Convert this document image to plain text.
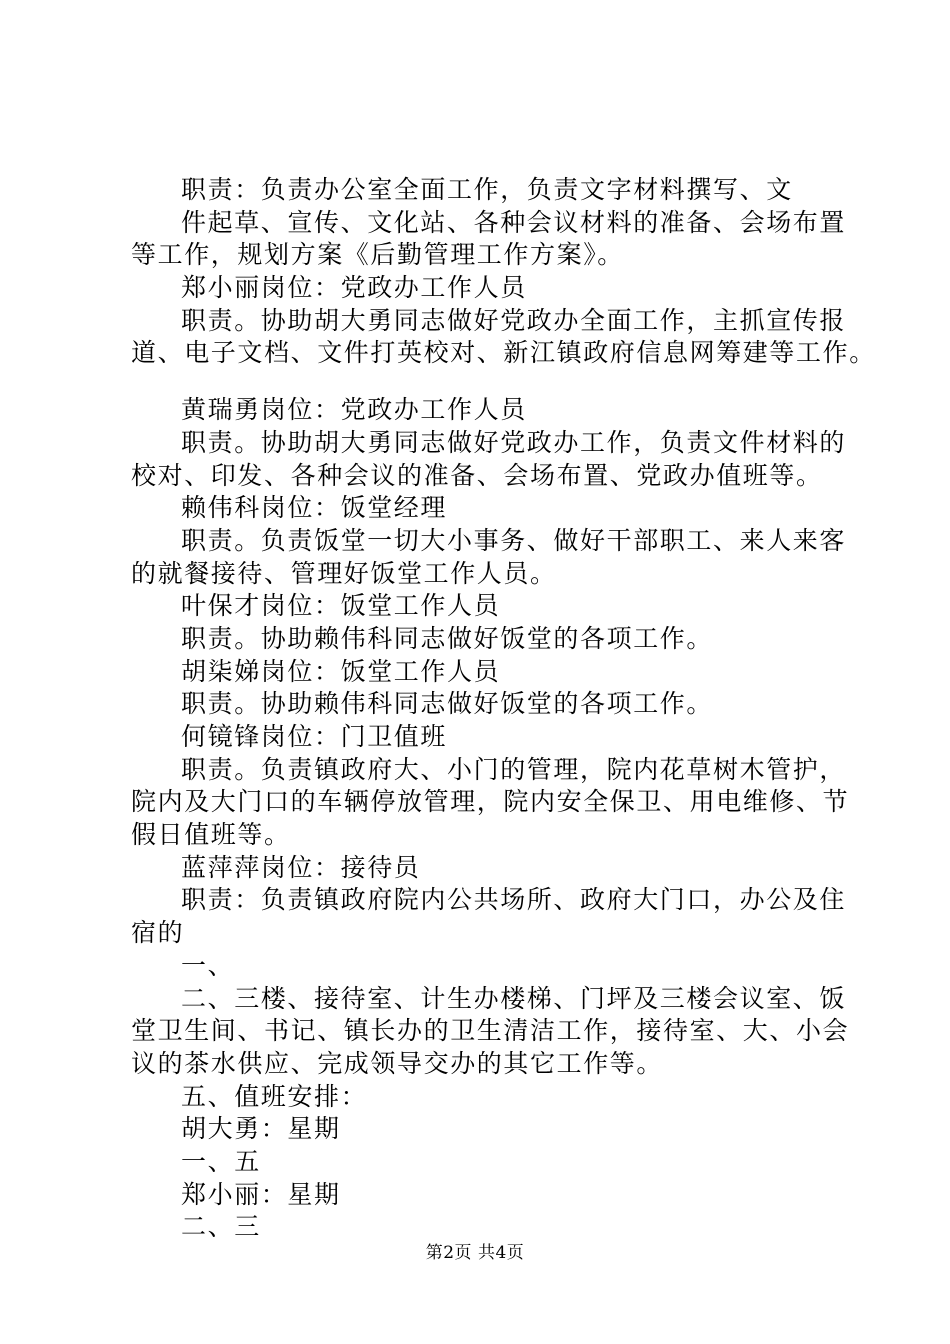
职责：负责办公室全面工作，负责文字材料撰写、文
件起草、宣传、文化站、各种会议材料的准备、会场布置
等工作，规划方案《后勤管理工作方案》。
郑小丽岗位：党政办工作人员
职责。协助胡大勇同志做好党政办全面工作，主抓宣传报
道、电子文档、文件打英校对、新江镇政府信息网筹建等工作。
黄瑞勇岗位：党政办工作人员
职责。协助胡大勇同志做好党政办工作，负责文件材料的
校对、印发、各种会议的准备、会场布置、党政办值班等。
赖伟科岗位：饭堂经理
职责。负责饭堂一切大小事务、做好干部职工、来人来客
的就餐接待、管理好饭堂工作人员。
叶保才岗位：饭堂工作人员
职责。协助赖伟科同志做好饭堂的各项工作。
胡柒娣岗位：饭堂工作人员
职责。协助赖伟科同志做好饭堂的各项工作。
何镜锋岗位：门卫值班
职责。负责镇政府大、小门的管理，院内花草树木管护，
院内及大门口的车辆停放管理，院内安全保卫、用电维修、节
假日值班等。
蓝萍萍岗位：接待员
职责：负责镇政府院内公共场所、政府大门口，办公及住
宿的
一、
二、三楼、接待室、计生办楼梯、门坪及三楼会议室、饭
堂卫生间、书记、镇长办的卫生清洁工作，接待室、大、小会
议的茶水供应、完成领导交办的其它工作等。
五、值班安排：
胡大勇：星期
一、五
郑小丽：星期
二、三
第2页 共4页
